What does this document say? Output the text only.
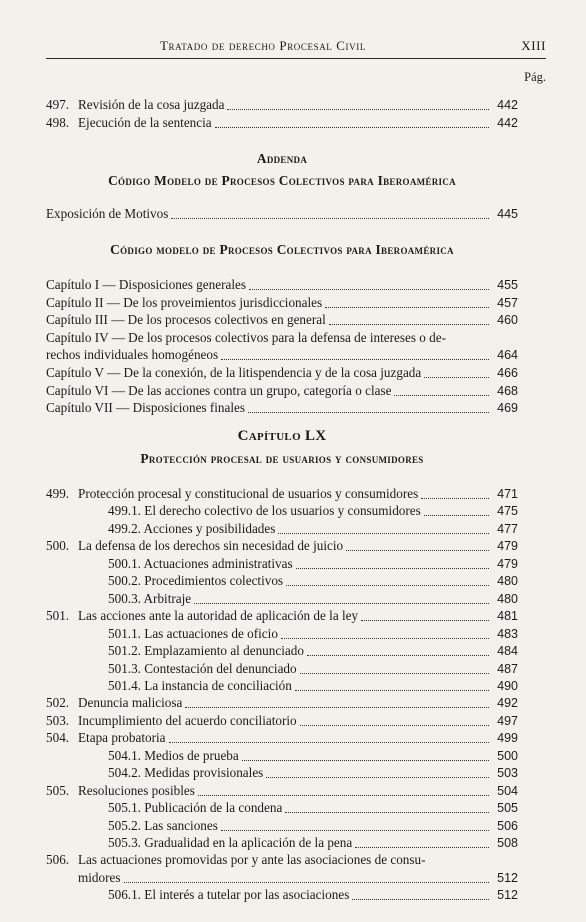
Tratado de derecho Procesal Civil	XIII
Pág.
497. Revisión de la cosa juzgada	442
498. Ejecución de la sentencia	442
Addenda
Código Modelo de Procesos Colectivos para Iberoamérica
Exposición de Motivos	445
Código modelo de Procesos Colectivos para Iberoamérica
Capítulo I — Disposiciones generales	455
Capítulo II — De los proveimientos jurisdiccionales	457
Capítulo III — De los procesos colectivos en general	460
Capítulo IV — De los procesos colectivos para la defensa de intereses o de-
rechos individuales homogéneos	464
Capítulo V — De la conexión, de la litispendencia y de la cosa juzgada	466
Capítulo VI — De las acciones contra un grupo, categoría o clase	468
Capítulo VII — Disposiciones finales	469
Capítulo LX
Protección procesal de usuarios y consumidores
499. Protección procesal y constitucional de usuarios y consumidores	471
499.1. El derecho colectivo de los usuarios y consumidores	475
499.2. Acciones y posibilidades	477
500. La defensa de los derechos sin necesidad de juicio	479
500.1. Actuaciones administrativas	479
500.2. Procedimientos colectivos	480
500.3. Arbitraje	480
501. Las acciones ante la autoridad de aplicación de la ley	481
501.1. Las actuaciones de oficio	483
501.2. Emplazamiento al denunciado	484
501.3. Contestación del denunciado	487
501.4. La instancia de conciliación	490
502. Denuncia maliciosa	492
503. Incumplimiento del acuerdo conciliatorio	497
504. Etapa probatoria	499
504.1. Medios de prueba	500
504.2. Medidas provisionales	503
505. Resoluciones posibles	504
505.1. Publicación de la condena	505
505.2. Las sanciones	506
505.3. Gradualidad en la aplicación de la pena	508
506. Las actuaciones promovidas por y ante las asociaciones de consu-
midores	512
506.1. El interés a tutelar por las asociaciones	512
